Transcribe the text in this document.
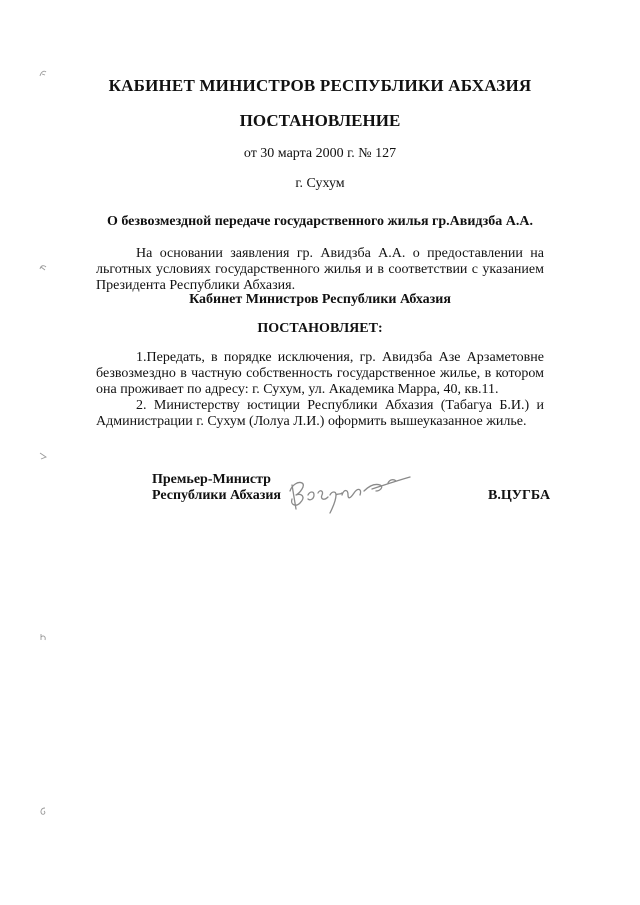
КАБИНЕТ МИНИСТРОВ РЕСПУБЛИКИ АБХАЗИЯ
ПОСТАНОВЛЕНИЕ
от 30 марта 2000 г. № 127
г. Сухум
О безвозмездной передаче государственного жилья гр.Авидзба А.А.
На основании заявления гр. Авидзба А.А. о предоставлении на льготных условиях государственного жилья и в соответствии с указанием Президента Республики Абхазия.
Кабинет Министров Республики Абхазия
ПОСТАНОВЛЯЕТ:
1.Передать, в порядке исключения, гр. Авидзба Азе Арзаметовне безвозмездно в частную собственность государственное жилье, в котором она проживает по адресу: г. Сухум, ул. Академика Марра, 40, кв.11.
2. Министерству юстиции Республики Абхазия (Табагуа Б.И.) и Администрации г. Сухум (Лолуа Л.И.) оформить вышеуказанное жилье.
Премьер-Министр
Республики Абхазия	В.ЦУГБА
